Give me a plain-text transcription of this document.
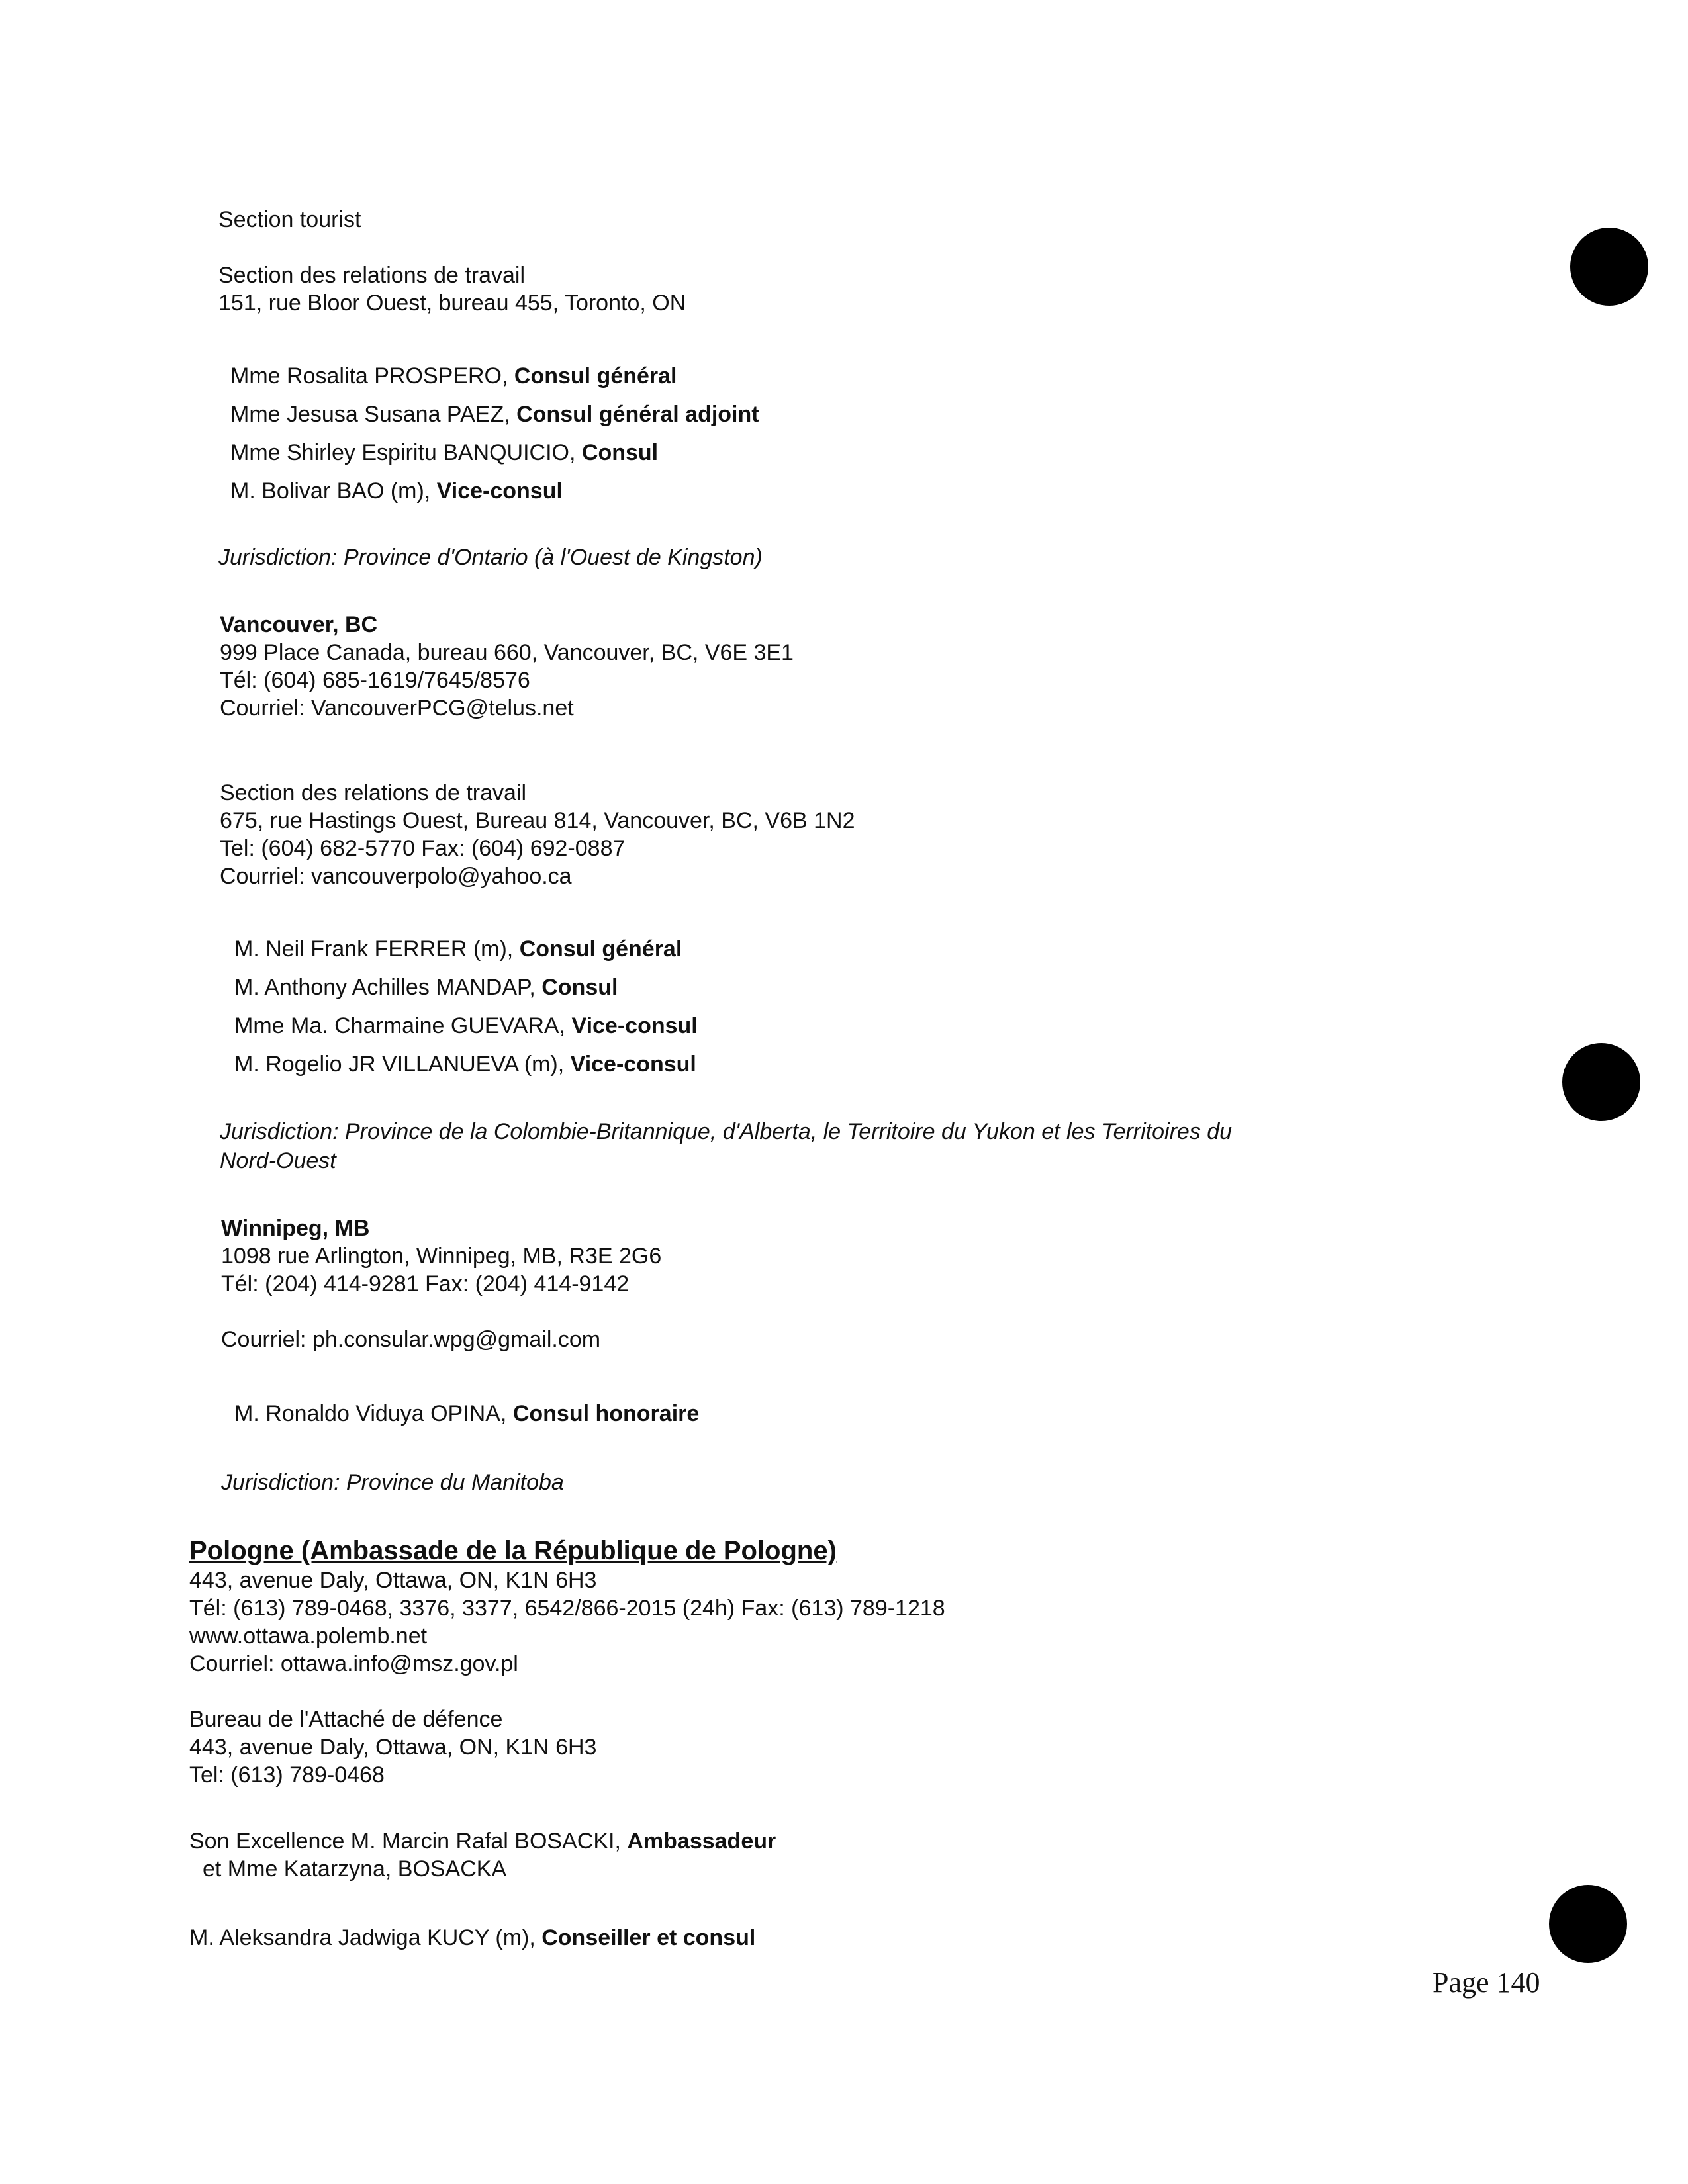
Section tourist
Section des relations de travail
151, rue Bloor Ouest, bureau 455, Toronto, ON
Mme Rosalita PROSPERO, Consul général
Mme Jesusa Susana PAEZ, Consul général adjoint
Mme Shirley Espiritu BANQUICIO, Consul
M. Bolivar BAO (m), Vice-consul
Jurisdiction: Province d'Ontario (à l'Ouest de Kingston)
Vancouver, BC
999 Place Canada, bureau 660, Vancouver, BC, V6E 3E1
Tél: (604) 685-1619/7645/8576
Courriel: VancouverPCG@telus.net
Section des relations de travail
675, rue Hastings Ouest, Bureau 814, Vancouver, BC, V6B 1N2
Tel: (604) 682-5770 Fax: (604) 692-0887
Courriel: vancouverpolo@yahoo.ca
M. Neil Frank FERRER (m), Consul général
M. Anthony Achilles MANDAP, Consul
Mme Ma. Charmaine GUEVARA, Vice-consul
M. Rogelio JR VILLANUEVA (m), Vice-consul
Jurisdiction: Province de la Colombie-Britannique, d'Alberta, le Territoire du Yukon et les Territoires du
Nord-Ouest
Winnipeg, MB
1098 rue Arlington, Winnipeg, MB, R3E 2G6
Tél: (204) 414-9281 Fax: (204) 414-9142
Courriel: ph.consular.wpg@gmail.com
M. Ronaldo Viduya OPINA, Consul honoraire
Jurisdiction: Province du Manitoba
Pologne (Ambassade de la République de Pologne)
443, avenue Daly, Ottawa, ON, K1N 6H3
Tél: (613) 789-0468, 3376, 3377, 6542/866-2015 (24h) Fax: (613) 789-1218
www.ottawa.polemb.net
Courriel: ottawa.info@msz.gov.pl
Bureau de l'Attaché de défence
443, avenue Daly, Ottawa, ON, K1N 6H3
Tel: (613) 789-0468
Son Excellence M. Marcin Rafal BOSACKI, Ambassadeur
et Mme Katarzyna, BOSACKA
M. Aleksandra Jadwiga KUCY (m), Conseiller et consul
Page 140
